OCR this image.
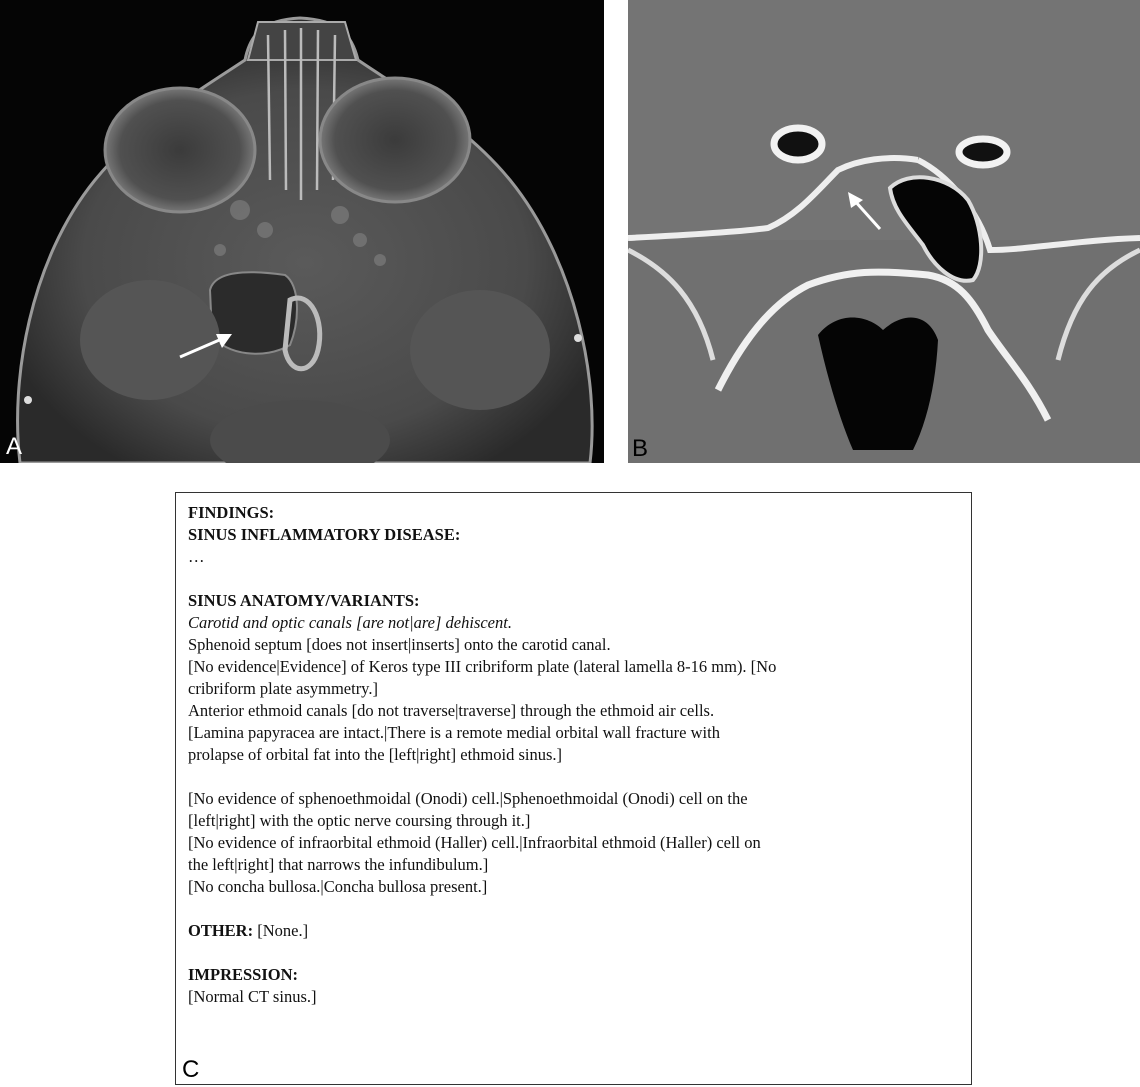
A	B

FINDINGS:

SINUS INFLAMMATORY DISEASE:

…

SINUS ANATOMY/VARIANTS:

Carotid and optic canals [are not|are] dehiscent.

Sphenoid septum [does not insert|inserts] onto the carotid canal.

[No evidence|Evidence] of Keros type III cribriform plate (lateral lamella 8-16 mm). [No

cribriform plate asymmetry.]

Anterior ethmoid canals [do not traverse|traverse] through the ethmoid air cells.

[Lamina papyracea are intact.|There is a remote medial orbital wall fracture with

prolapse of orbital fat into the [left|right] ethmoid sinus.]

[No evidence of sphenoethmoidal (Onodi) cell.|Sphenoethmoidal (Onodi) cell on the

[left|right] with the optic nerve coursing through it.]

[No evidence of infraorbital ethmoid (Haller) cell.|Infraorbital ethmoid (Haller) cell on

the left|right] that narrows the infundibulum.]

[No concha bullosa.|Concha bullosa present.]

OTHER: [None.]

IMPRESSION:

[Normal CT sinus.]

C
